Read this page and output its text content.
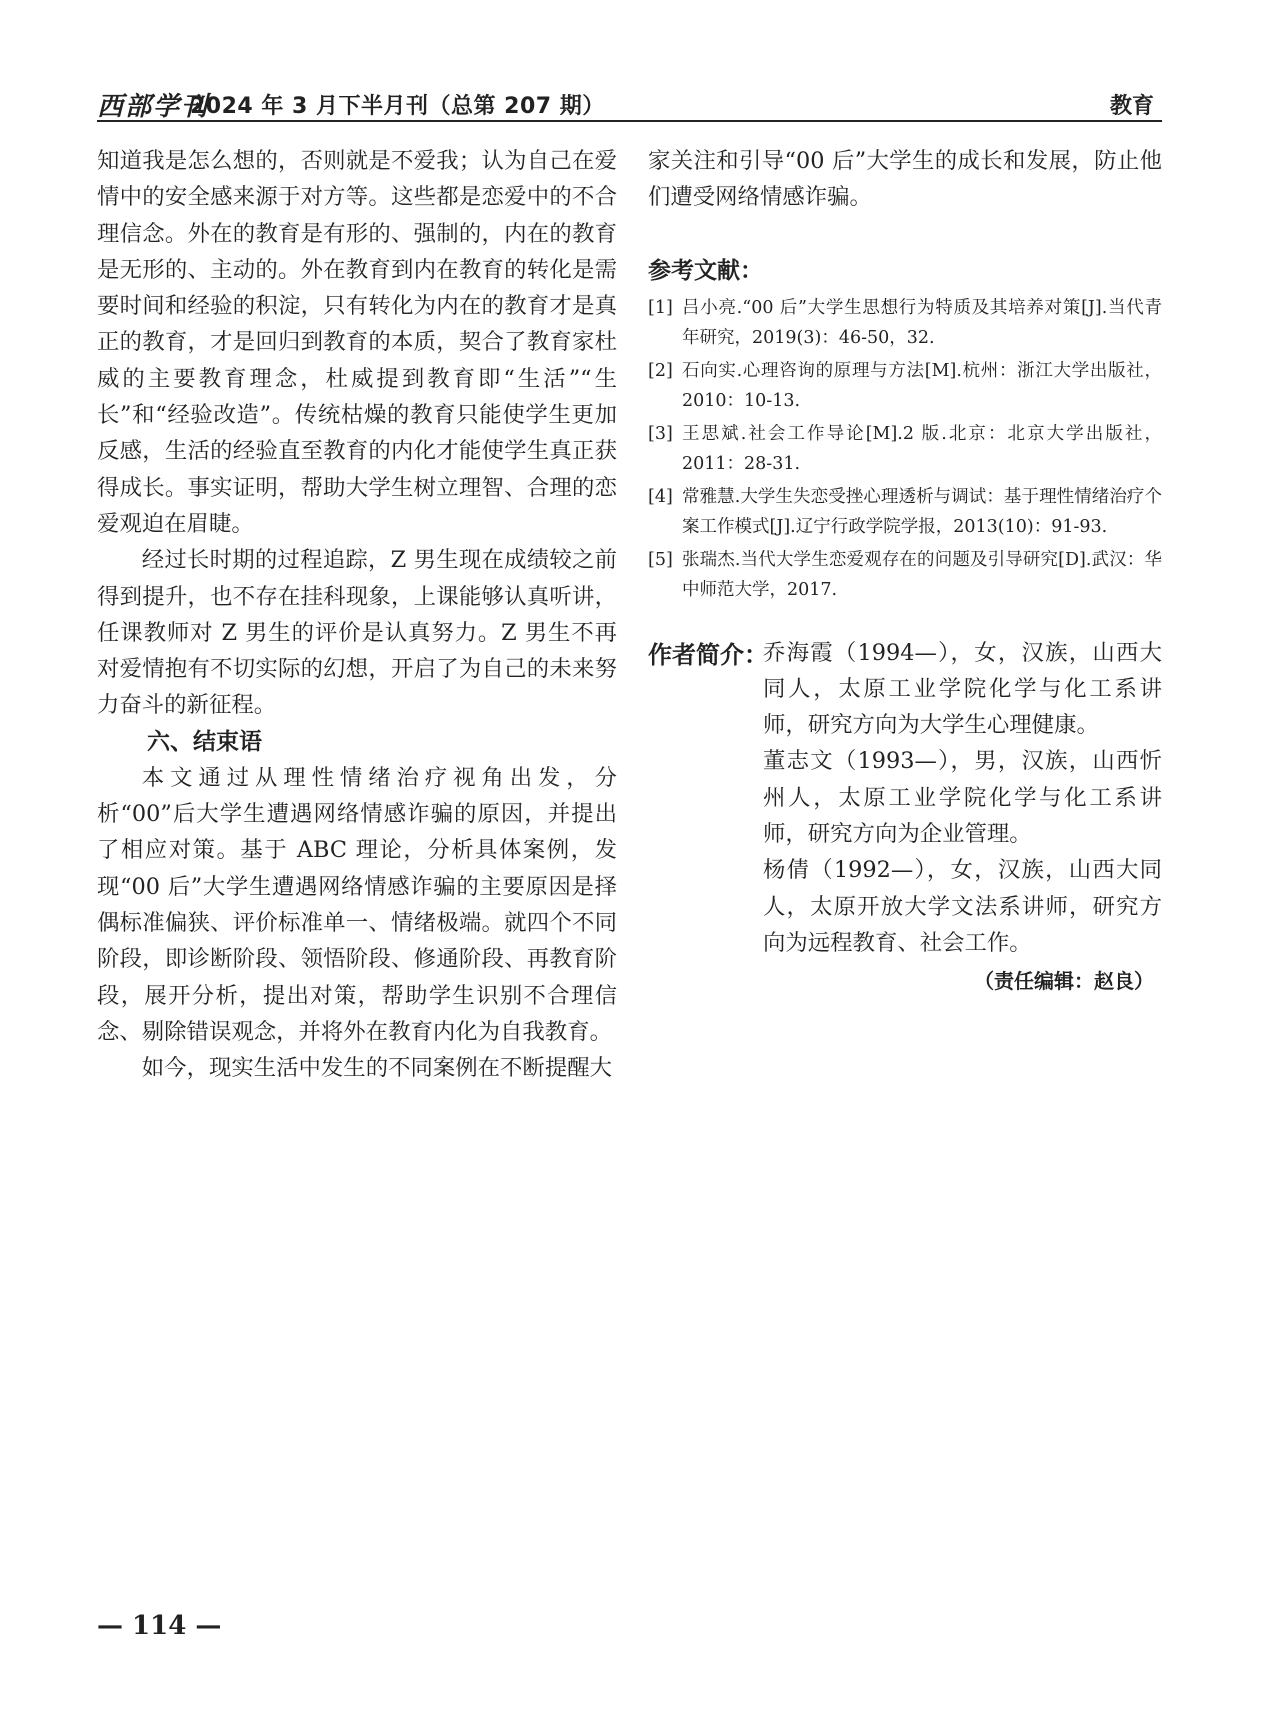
西部学刊
2024 年 3 月下半月刊（总第 207 期）	教育

知道我是怎么想的，否则就是不爱我；认为自己在爱情中的安全感来源于对方等。这些都是恋爱中的不合理信念。外在的教育是有形的、强制的，内在的教育是无形的、主动的。外在教育到内在教育的转化是需要时间和经验的积淀，只有转化为内在的教育才是真正的教育，才是回归到教育的本质，契合了教育家杜威的主要教育理念，杜威提到教育即“生活”“生长”和“经验改造”。传统枯燥的教育只能使学生更加反感，生活的经验直至教育的内化才能使学生真正获得成长。事实证明，帮助大学生树立理智、合理的恋爱观迫在眉睫。

经过长时期的过程追踪，Z 男生现在成绩较之前得到提升，也不存在挂科现象，上课能够认真听讲，任课教师对 Z 男生的评价是认真努力。Z 男生不再对爱情抱有不切实际的幻想，开启了为自己的未来努力奋斗的新征程。

六、结束语

本文通过从理性情绪治疗视角出发，分析“00”后大学生遭遇网络情感诈骗的原因，并提出了相应对策。基于 ABC 理论，分析具体案例，发现“00 后”大学生遭遇网络情感诈骗的主要原因是择偶标准偏狭、评价标准单一、情绪极端。就四个不同阶段，即诊断阶段、领悟阶段、修通阶段、再教育阶段，展开分析，提出对策，帮助学生识别不合理信念、剔除错误观念，并将外在教育内化为自我教育。

如今，现实生活中发生的不同案例在不断提醒大

家关注和引导“00 后”大学生的成长和发展，防止他们遭受网络情感诈骗。

参考文献：
[1] 吕小亮.“00 后”大学生思想行为特质及其培养对策[J].当代青年研究，2019(3)：46-50，32.
[2] 石向实.心理咨询的原理与方法[M].杭州：浙江大学出版社，2010：10-13.
[3] 王思斌.社会工作导论[M].2 版.北京：北京大学出版社，2011：28-31.
[4] 常雅慧.大学生失恋受挫心理透析与调试：基于理性情绪治疗个案工作模式[J].辽宁行政学院学报，2013(10)：91-93.
[5] 张瑞杰.当代大学生恋爱观存在的问题及引导研究[D].武汉：华中师范大学，2017.
作者简介：
乔海霞（1994—），女，汉族，山西大同人，太原工业学院化学与化工系讲师，研究方向为大学生心理健康。
董志文（1993—），男，汉族，山西忻州人，太原工业学院化学与化工系讲师，研究方向为企业管理。
杨倩（1992—），女，汉族，山西大同人，太原开放大学文法系讲师，研究方向为远程教育、社会工作。
（责任编辑：赵良）
— 114 —
